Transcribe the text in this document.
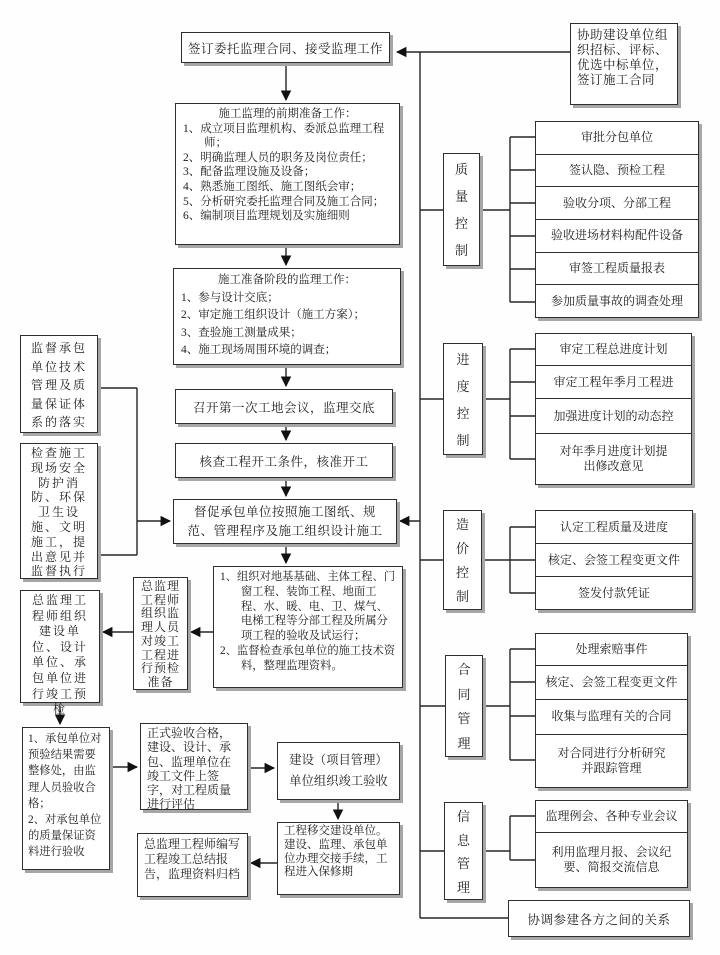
签订委托监理合同、接受监理工作
协助建设单位组织招标、评标、优选中标单位，签订施工合同
施工监理的前期准备工作：
1、成立项目监理机构、委派总监理工程师；
2、明确监理人员的职务及岗位责任；
3、配备监理设施及设备；
4、熟悉施工图纸、施工图纸会审；
5、分析研究委托监理合同及施工合同；
6、编制项目监理规划及实施细则
施工准备阶段的监理工作：
1、参与设计交底；
2、审定施工组织设计（施工方案）；
3、查验施工测量成果；
4、施工现场周围环境的调查；
召开第一次工地会议，监理交底
核查工程开工条件，核准开工
督促承包单位按照施工图纸、规范、管理程序及施工组织设计施工
1、组织对地基基础、主体工程、门窗工程、装饰工程、地面工程、水、暖、电、卫、煤气、电梯工程等分部工程及所属分项工程的验收及试运行；
2、监督检查承包单位的施工技术资料，整理监理资料。
监督承包单位技术管理及质量保证体系的落实
检查施工现场安全防护消防、环保卫生设施、文明施工，提出意见并监督执行
总监理工程师组织建设单位、设计单位、承包单位进行竣工预检
总监理工程师组织监理人员对竣工工程进行预检准备
1、承包单位对预验结果需要整修处，由监理人员验收合格；
2、对承包单位的质量保证资料进行验收
正式验收合格，建设、设计、承包、监理单位在竣工文件上签字，对工程质量进行评估
总监理工程师编写工程竣工总结报告，监理资料归档
建设（项目管理）单位组织竣工验收
工程移交建设单位。建设、监理、承包单位办理交接手续，工程进入保修期
质量控制
进度控制
造价控制
合同管理
信息管理
审批分包单位
签认隐、预检工程
验收分项、分部工程
验收进场材料构配件设备
审签工程质量报表
参加质量事故的调查处理
审定工程总进度计划
审定工程年季月工程进
加强进度计划的动态控
对年季月进度计划提出修改意见
认定工程质量及进度
核定、会签工程变更文件
签发付款凭证
处理索赔事件
核定、会签工程变更文件
收集与监理有关的合同
对合同进行分析研究并跟踪管理
监理例会、各种专业会议
利用监理月报、会议纪要、简报交流信息
协调参建各方之间的关系
